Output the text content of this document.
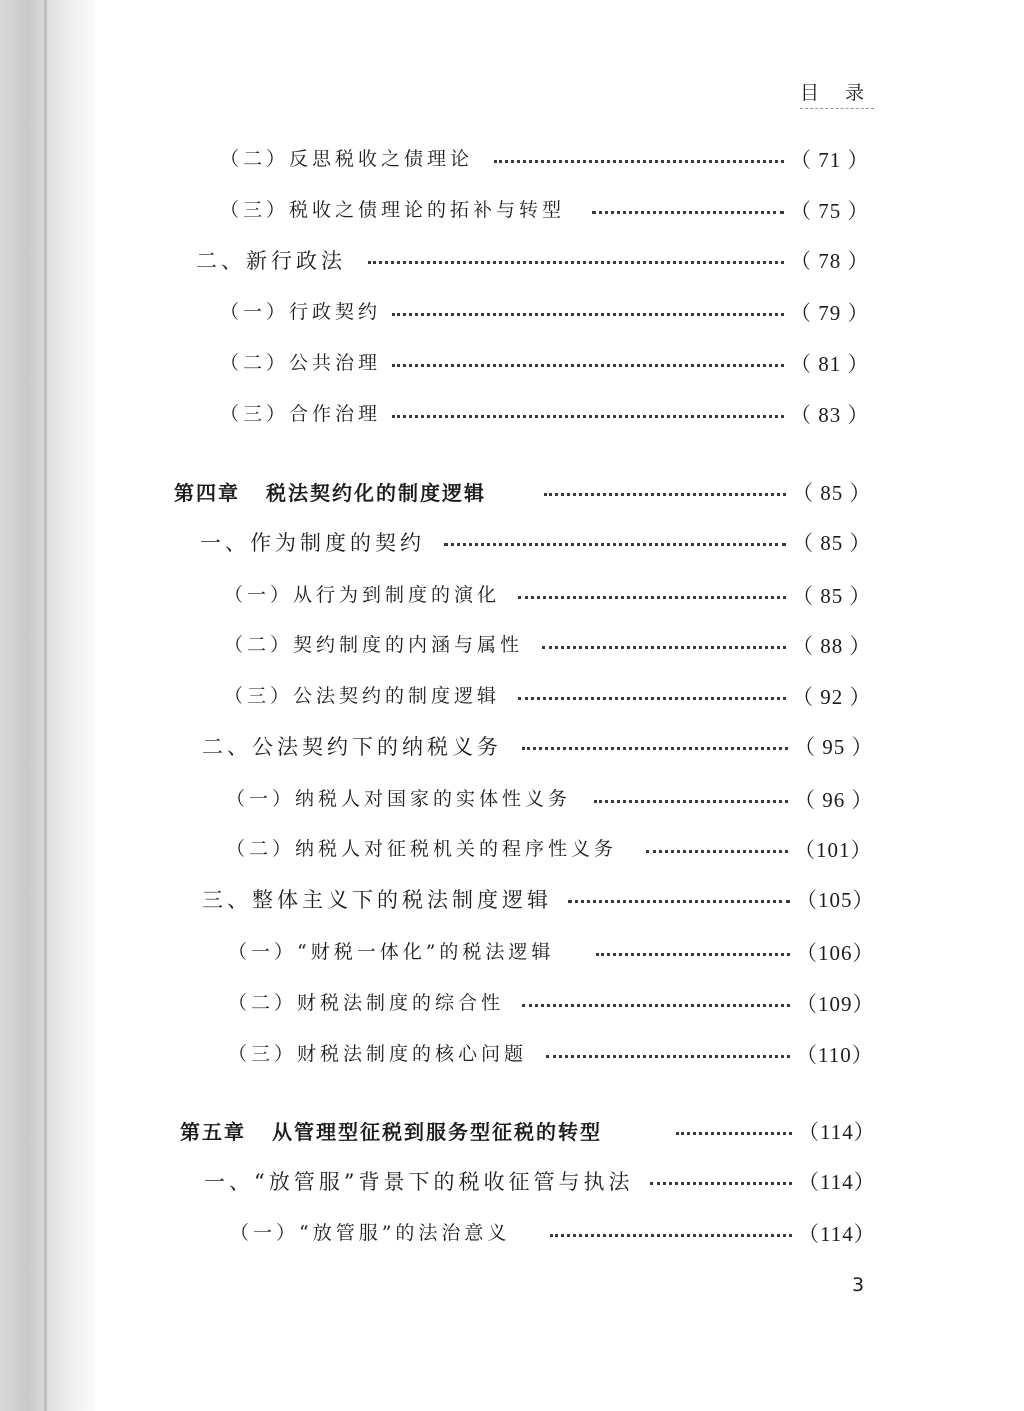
目 录
（二）反思税收之债理论	（ 71 ）
（三）税收之债理论的拓补与转型	（ 75 ）
二、新行政法	（ 78 ）
（一）行政契约	（ 79 ）
（二）公共治理	（ 81 ）
（三）合作治理	（ 83 ）
第四章 税法契约化的制度逻辑	（ 85 ）
一、作为制度的契约	（ 85 ）
（一）从行为到制度的演化	（ 85 ）
（二）契约制度的内涵与属性	（ 88 ）
（三）公法契约的制度逻辑	（ 92 ）
二、公法契约下的纳税义务	（ 95 ）
（一）纳税人对国家的实体性义务	（ 96 ）
（二）纳税人对征税机关的程序性义务	（101）
三、整体主义下的税法制度逻辑	（105）
（一）“财税一体化”的税法逻辑	（106）
（二）财税法制度的综合性	（109）
（三）财税法制度的核心问题	（110）
第五章 从管理型征税到服务型征税的转型	（114）
一、“放管服”背景下的税收征管与执法	（114）
（一）“放管服”的法治意义	（114）
3
